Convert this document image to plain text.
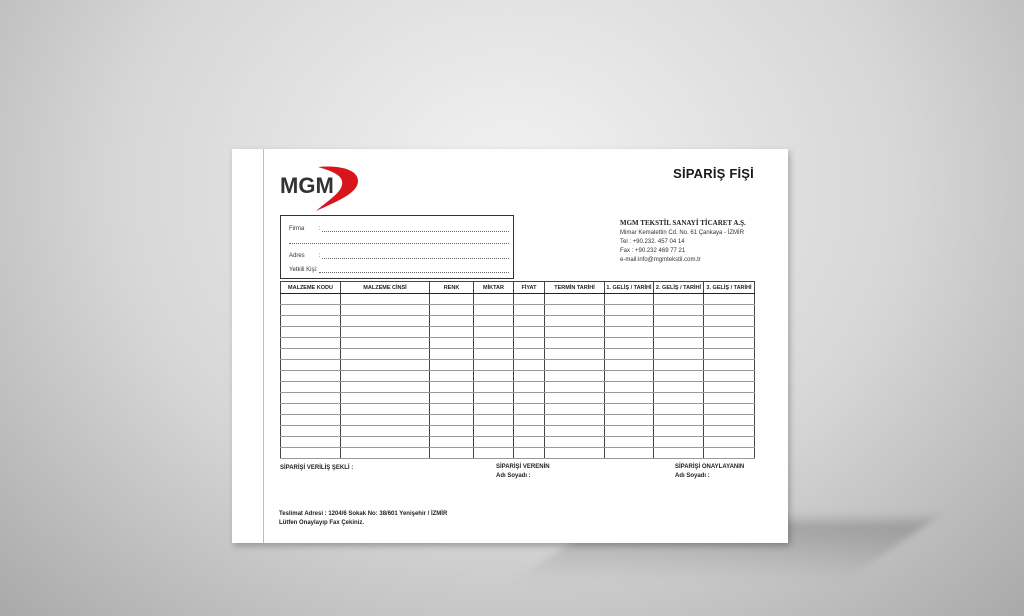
MGM	SİPARİŞ FİŞİ
Firma :
Adres :
Yetkili Kişi :
MGM TEKSTİL SANAYİ TİCARET A.Ş.
Mimar Kemalettin Cd. No. 61 Çankaya - İZMİR
Tel : +90.232. 457 04 14
Fax : +90.232 469 77 21
e-mail:info@mgmtekstil.com.tr
MALZEME KODU	MALZEME CİNSİ	RENK	MİKTAR	FİYAT	TERMİN TARİHİ	1. GELİŞ / TARİHİ	2. GELİŞ / TARİHİ	3. GELİŞ / TARİHİ

SİPARİŞİ VERİLİŞ ŞEKLİ :	SİPARİŞİ VERENİN
Adı Soyadı :
SİPARİŞİ ONAYLAYANIN
Adı Soyadı :
Teslimat Adresi : 1204/6 Sokak No: 38/601 Yenişehir / İZMİR
Lütfen Onaylayıp Fax Çekiniz.
